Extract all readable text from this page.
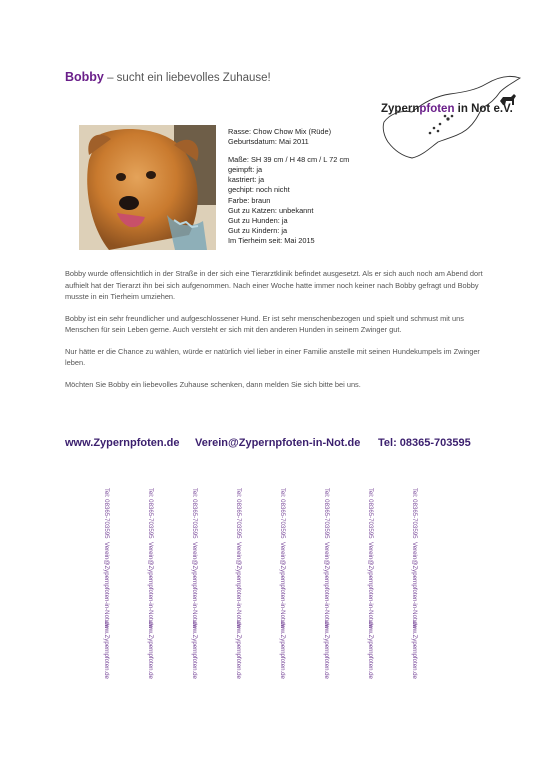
Bobby – sucht ein liebevolles Zuhause!
Zypernpfoten in Not e.V.
Rasse: Chow Chow Mix (Rüde)
Geburtsdatum: Mai 2011
Maße: SH 39 cm / H 48 cm / L 72 cm
geimpft: ja
kastriert: ja
gechipt: noch nicht
Farbe: braun
Gut zu Katzen: unbekannt
Gut zu Hunden: ja
Gut zu Kindern: ja
Im Tierheim seit: Mai 2015

Bobby wurde offensichtlich in der Straße in der sich eine Tierarztklinik befindet ausgesetzt. Als er sich auch noch am Abend dort aufhielt hat der Tierarzt ihn bei sich aufgenommen. Nach einer Woche hatte immer noch keiner nach Bobby gefragt und Bobby musste in ein Tierheim umziehen.

Bobby ist ein sehr freundlicher und aufgeschlossener Hund. Er ist sehr menschenbezogen und spielt und schmust mit uns Menschen für sein Leben gerne. Auch versteht er sich mit den anderen Hunden in seinem Zwinger gut.

Nur hätte er die Chance zu wählen, würde er natürlich viel lieber in einer Familie anstelle mit seinen Hundekumpels im Zwinger leben.

Möchten Sie Bobby ein liebevolles Zuhause schenken, dann melden Sie sich bitte bei uns.

www.Zypernpfoten.de Verein@Zypernpfoten-in-Not.de Tel: 08365-703595
Tel: 08365-703595
Verein@Zypernpfoten-in-Not.de
www.Zypernpfoten.de
Tel: 08365-703595
Verein@Zypernpfoten-in-Not.de
www.Zypernpfoten.de
Tel: 08365-703595
Verein@Zypernpfoten-in-Not.de
www.Zypernpfoten.de
Tel: 08365-703595
Verein@Zypernpfoten-in-Not.de
www.Zypernpfoten.de
Tel: 08365-703595
Verein@Zypernpfoten-in-Not.de
www.Zypernpfoten.de
Tel: 08365-703595
Verein@Zypernpfoten-in-Not.de
www.Zypernpfoten.de
Tel: 08365-703595
Verein@Zypernpfoten-in-Not.de
www.Zypernpfoten.de
Tel: 08365-703595
Verein@Zypernpfoten-in-Not.de
www.Zypernpfoten.de
